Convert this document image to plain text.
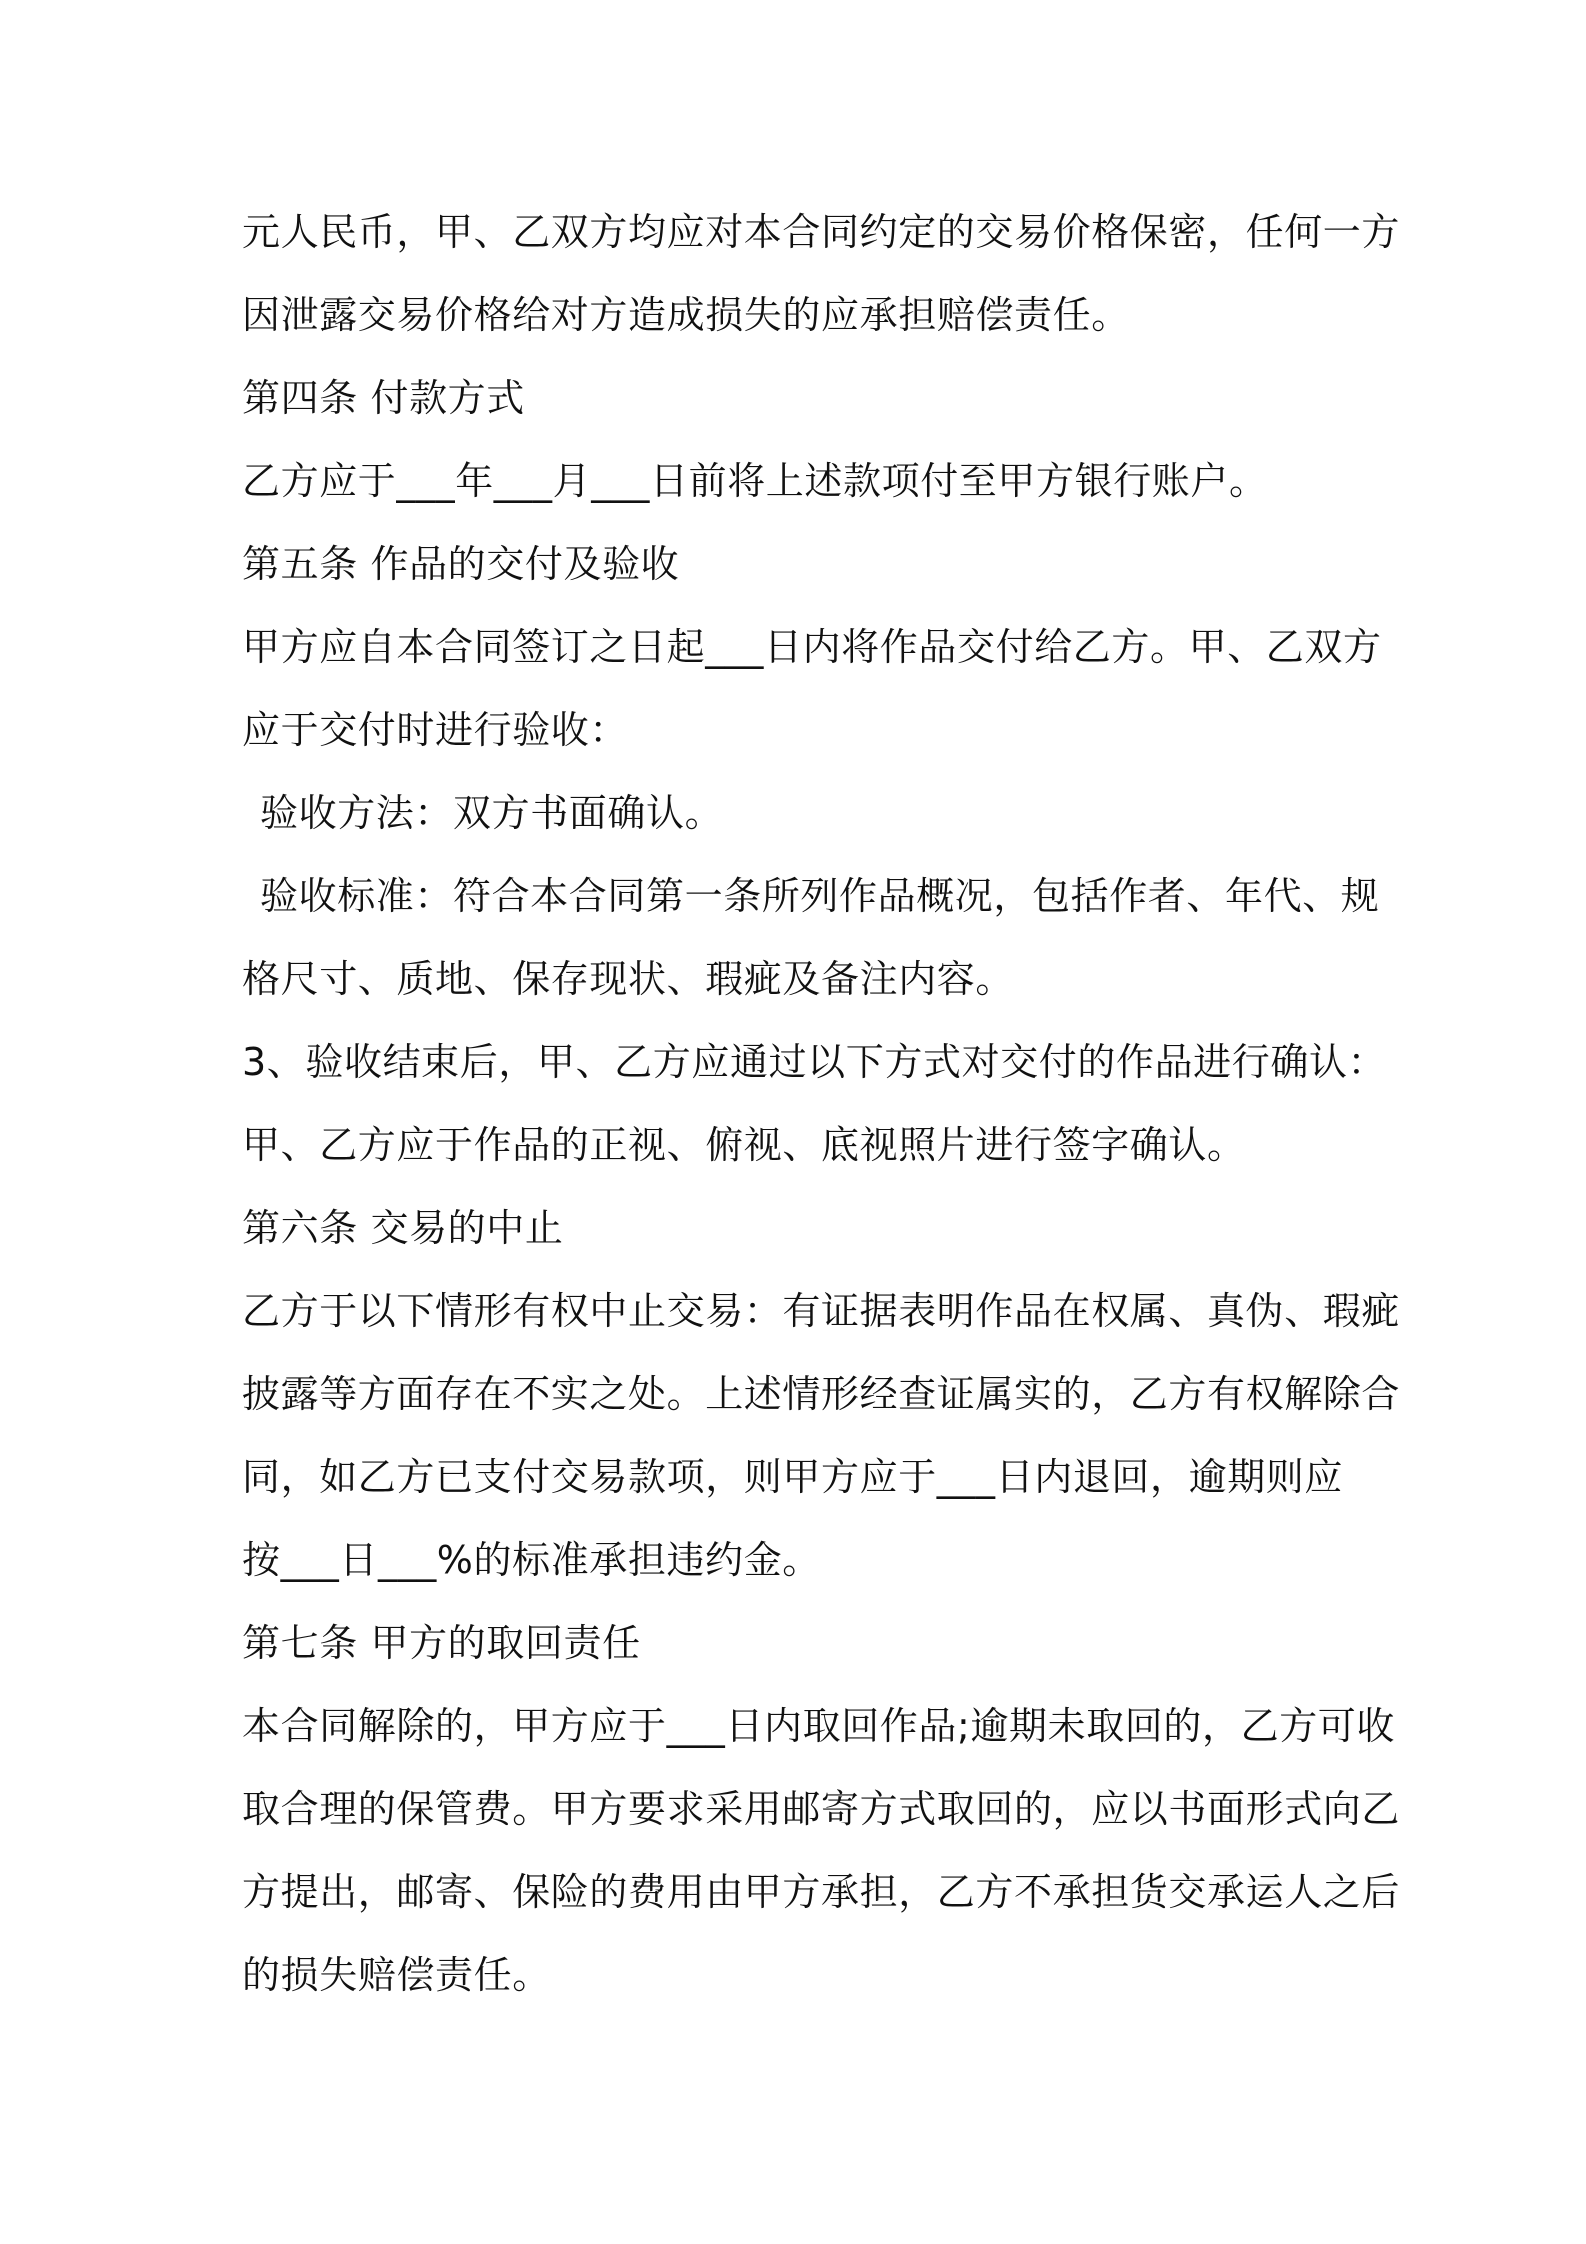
元人民币，甲、乙双方均应对本合同约定的交易价格保密，任何一方
因泄露交易价格给对方造成损失的应承担赔偿责任。
第四条 付款方式
乙方应于___年___月___日前将上述款项付至甲方银行账户。
第五条 作品的交付及验收
甲方应自本合同签订之日起___日内将作品交付给乙方。甲、乙双方
应于交付时进行验收：
验收方法：双方书面确认。
验收标准：符合本合同第一条所列作品概况，包括作者、年代、规
格尺寸、质地、保存现状、瑕疵及备注内容。
3、验收结束后，甲、乙方应通过以下方式对交付的作品进行确认：
甲、乙方应于作品的正视、俯视、底视照片进行签字确认。
第六条 交易的中止
乙方于以下情形有权中止交易：有证据表明作品在权属、真伪、瑕疵
披露等方面存在不实之处。上述情形经查证属实的，乙方有权解除合
同，如乙方已支付交易款项，则甲方应于___日内退回，逾期则应
按___日___%的标准承担违约金。
第七条 甲方的取回责任
本合同解除的，甲方应于___日内取回作品;逾期未取回的，乙方可收
取合理的保管费。甲方要求采用邮寄方式取回的，应以书面形式向乙
方提出，邮寄、保险的费用由甲方承担，乙方不承担货交承运人之后
的损失赔偿责任。
